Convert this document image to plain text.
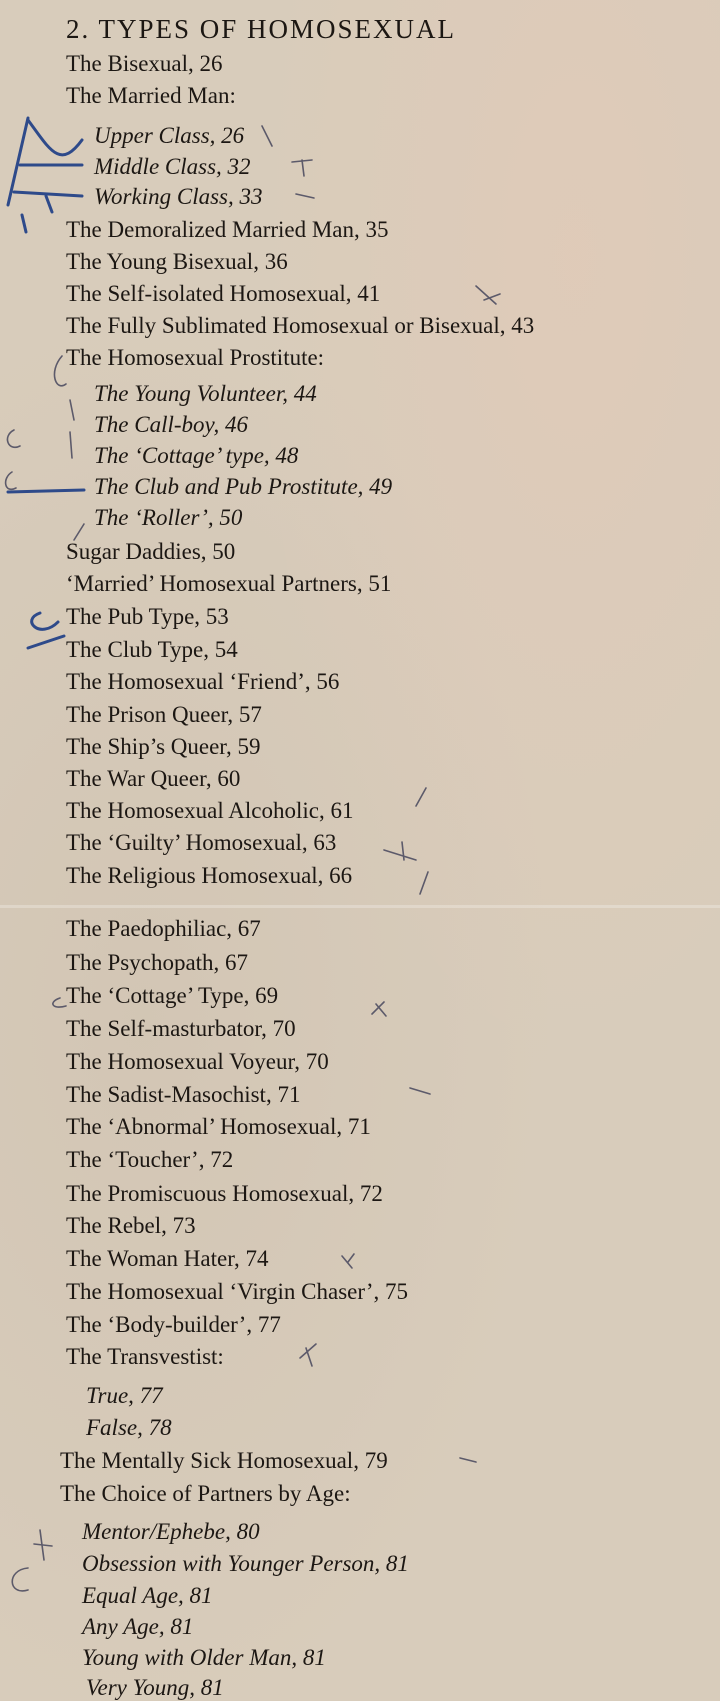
2. TYPES OF HOMOSEXUAL
The Bisexual, 26
The Married Man:
Upper Class, 26
Middle Class, 32
Working Class, 33
The Demoralized Married Man, 35
The Young Bisexual, 36
The Self-isolated Homosexual, 41
The Fully Sublimated Homosexual or Bisexual, 43
The Homosexual Prostitute:
The Young Volunteer, 44
The Call-boy, 46
The ‘Cottage’ type, 48
The Club and Pub Prostitute, 49
The ‘Roller’, 50
Sugar Daddies, 50
‘Married’ Homosexual Partners, 51
The Pub Type, 53
The Club Type, 54
The Homosexual ‘Friend’, 56
The Prison Queer, 57
The Ship’s Queer, 59
The War Queer, 60
The Homosexual Alcoholic, 61
The ‘Guilty’ Homosexual, 63
The Religious Homosexual, 66
The Paedophiliac, 67
The Psychopath, 67
The ‘Cottage’ Type, 69
The Self-masturbator, 70
The Homosexual Voyeur, 70
The Sadist-Masochist, 71
The ‘Abnormal’ Homosexual, 71
The ‘Toucher’, 72
The Promiscuous Homosexual, 72
The Rebel, 73
The Woman Hater, 74
The Homosexual ‘Virgin Chaser’, 75
The ‘Body-builder’, 77
The Transvestist:
True, 77
False, 78
The Mentally Sick Homosexual, 79
The Choice of Partners by Age:
Mentor/Ephebe, 80
Obsession with Younger Person, 81
Equal Age, 81
Any Age, 81
Young with Older Man, 81
Very Young, 81
